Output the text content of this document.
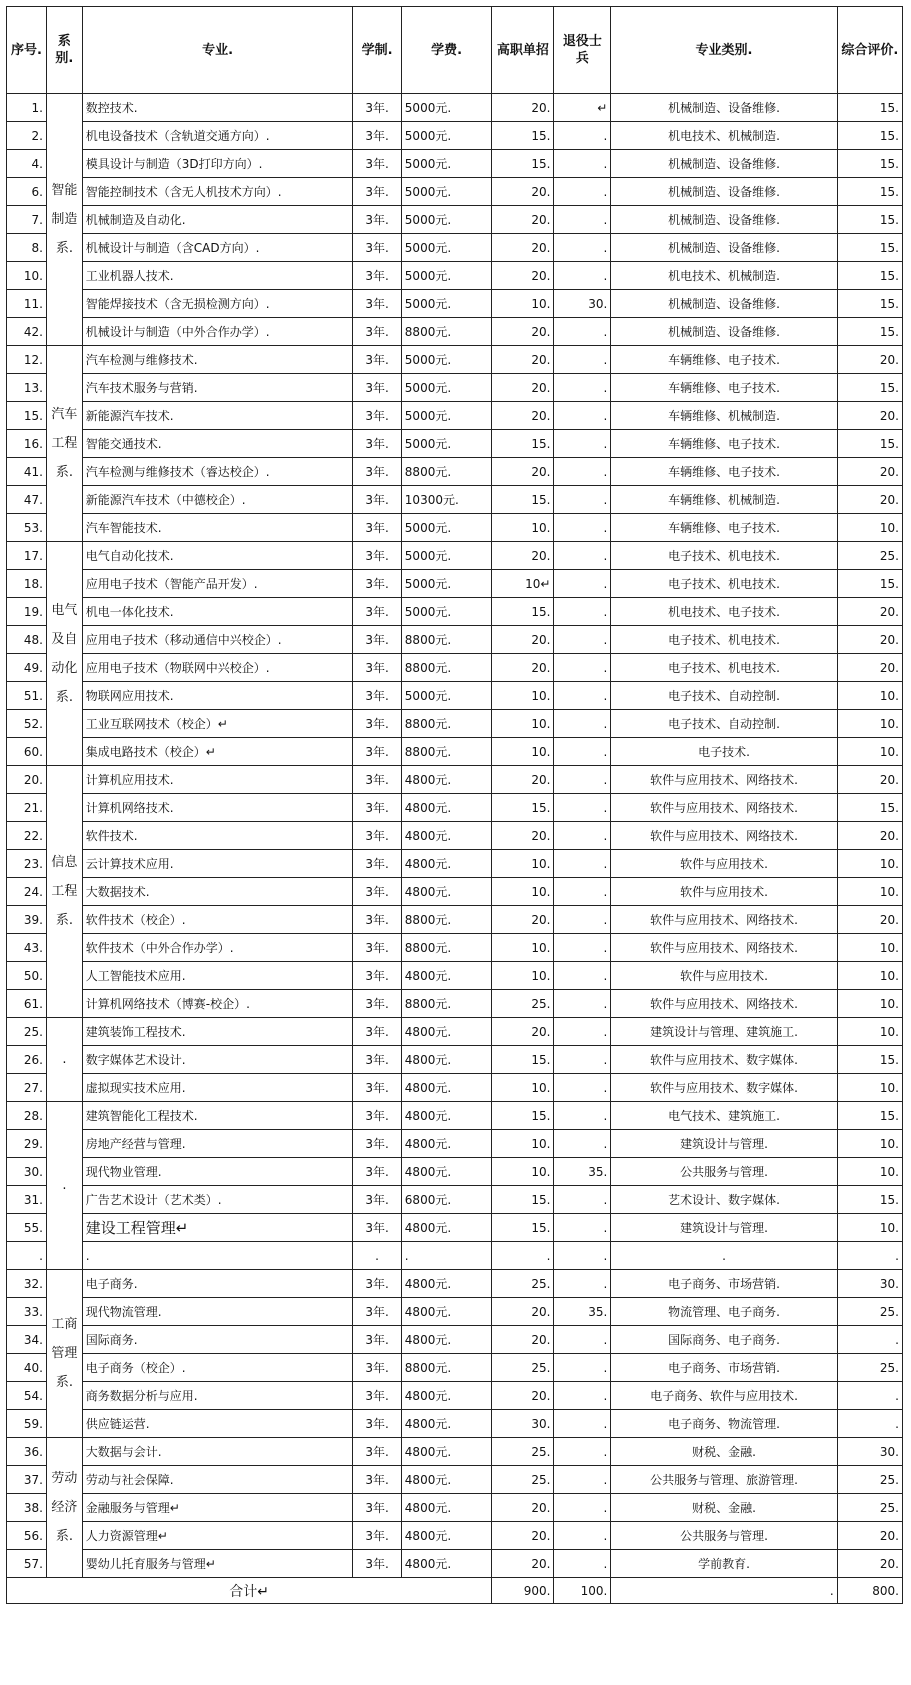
序号.	系别.	专业.	学制.	学费.	高职单招	退役士兵	专业类别.	综合评价.
1.	智能制造系.	数控技术.	3年.	5000元.	20.	↵	机械制造、设备维修.	15.
2.		机电设备技术（含轨道交通方向）.	3年.	5000元.	15.	.	机电技术、机械制造.	15.
4.		模具设计与制造（3D打印方向）.	3年.	5000元.	15.	.	机械制造、设备维修.	15.
6.		智能控制技术（含无人机技术方向）.	3年.	5000元.	20.	.	机械制造、设备维修.	15.
7.		机械制造及自动化.	3年.	5000元.	20.	.	机械制造、设备维修.	15.
8.		机械设计与制造（含CAD方向）.	3年.	5000元.	20.	.	机械制造、设备维修.	15.
10.		工业机器人技术.	3年.	5000元.	20.	.	机电技术、机械制造.	15.
11.		智能焊接技术（含无损检测方向）.	3年.	5000元.	10.	30.	机械制造、设备维修.	15.
42.		机械设计与制造（中外合作办学）.	3年.	8800元.	20.	.	机械制造、设备维修.	15.
12.	汽车工程系.	汽车检测与维修技术.	3年.	5000元.	20.	.	车辆维修、电子技术.	20.
13.		汽车技术服务与营销.	3年.	5000元.	20.	.	车辆维修、电子技术.	15.
15.		新能源汽车技术.	3年.	5000元.	20.	.	车辆维修、机械制造.	20.
16.		智能交通技术.	3年.	5000元.	15.	.	车辆维修、电子技术.	15.
41.		汽车检测与维修技术（睿达校企）.	3年.	8800元.	20.	.	车辆维修、电子技术.	20.
47.		新能源汽车技术（中德校企）.	3年.	10300元.	15.	.	车辆维修、机械制造.	20.
53.		汽车智能技术.	3年.	5000元.	10.	.	车辆维修、电子技术.	10.
17.	电气及自动化系.	电气自动化技术.	3年.	5000元.	20.	.	电子技术、机电技术.	25.
18.		应用电子技术（智能产品开发）.	3年.	5000元.	10↵	.	电子技术、机电技术.	15.
19.		机电一体化技术.	3年.	5000元.	15.	.	机电技术、电子技术.	20.
48.		应用电子技术（移动通信中兴校企）.	3年.	8800元.	20.	.	电子技术、机电技术.	20.
49.		应用电子技术（物联网中兴校企）.	3年.	8800元.	20.	.	电子技术、机电技术.	20.
51.		物联网应用技术.	3年.	5000元.	10.	.	电子技术、自动控制.	10.
52.		工业互联网技术（校企）↵	3年.	8800元.	10.	.	电子技术、自动控制.	10.
60.		集成电路技术（校企）↵	3年.	8800元.	10.	.	电子技术.	10.
20.	信息工程系.	计算机应用技术.	3年.	4800元.	20.	.	软件与应用技术、网络技术.	20.
21.		计算机网络技术.	3年.	4800元.	15.	.	软件与应用技术、网络技术.	15.
22.		软件技术.	3年.	4800元.	20.	.	软件与应用技术、网络技术.	20.
23.		云计算技术应用.	3年.	4800元.	10.	.	软件与应用技术.	10.
24.		大数据技术.	3年.	4800元.	10.	.	软件与应用技术.	10.
39.		软件技术（校企）.	3年.	8800元.	20.	.	软件与应用技术、网络技术.	20.
43.		软件技术（中外合作办学）.	3年.	8800元.	10.	.	软件与应用技术、网络技术.	10.
50.		人工智能技术应用.	3年.	4800元.	10.	.	软件与应用技术.	10.
61.		计算机网络技术（博赛-校企）.	3年.	8800元.	25.	.	软件与应用技术、网络技术.	10.
25.	.	建筑装饰工程技术.	3年.	4800元.	20.	.	建筑设计与管理、建筑施工.	10.
26.		数字媒体艺术设计.	3年.	4800元.	15.	.	软件与应用技术、数字媒体.	15.
27.		虚拟现实技术应用.	3年.	4800元.	10.	.	软件与应用技术、数字媒体.	10.
28.	.	建筑智能化工程技术.	3年.	4800元.	15.	.	电气技术、建筑施工.	15.
29.		房地产经营与管理.	3年.	4800元.	10.	.	建筑设计与管理.	10.
30.		现代物业管理.	3年.	4800元.	10.	35.	公共服务与管理.	10.
31.		广告艺术设计（艺术类）.	3年.	6800元.	15.	.	艺术设计、数字媒体.	15.
55.		建设工程管理↵	3年.	4800元.	15.	.	建筑设计与管理.	10.
.		.	.	.	.	.	.	.
32.	工商管理系.	电子商务.	3年.	4800元.	25.	.	电子商务、市场营销.	30.
33.		现代物流管理.	3年.	4800元.	20.	35.	物流管理、电子商务.	25.
34.		国际商务.	3年.	4800元.	20.	.	国际商务、电子商务.	.
40.		电子商务（校企）.	3年.	8800元.	25.	.	电子商务、市场营销.	25.
54.		商务数据分析与应用.	3年.	4800元.	20.	.	电子商务、软件与应用技术.	.
59.		供应链运营.	3年.	4800元.	30.	.	电子商务、物流管理.	.
36.	劳动经济系.	大数据与会计.	3年.	4800元.	25.	.	财税、金融.	30.
37.		劳动与社会保障.	3年.	4800元.	25.	.	公共服务与管理、旅游管理.	25.
38.		金融服务与管理↵	3年.	4800元.	20.	.	财税、金融.	25.
56.		人力资源管理↵	3年.	4800元.	20.	.	公共服务与管理.	20.
57.		婴幼儿托育服务与管理↵	3年.	4800元.	20.	.	学前教育.	20.
合计↵					900.	100.	.	800.
